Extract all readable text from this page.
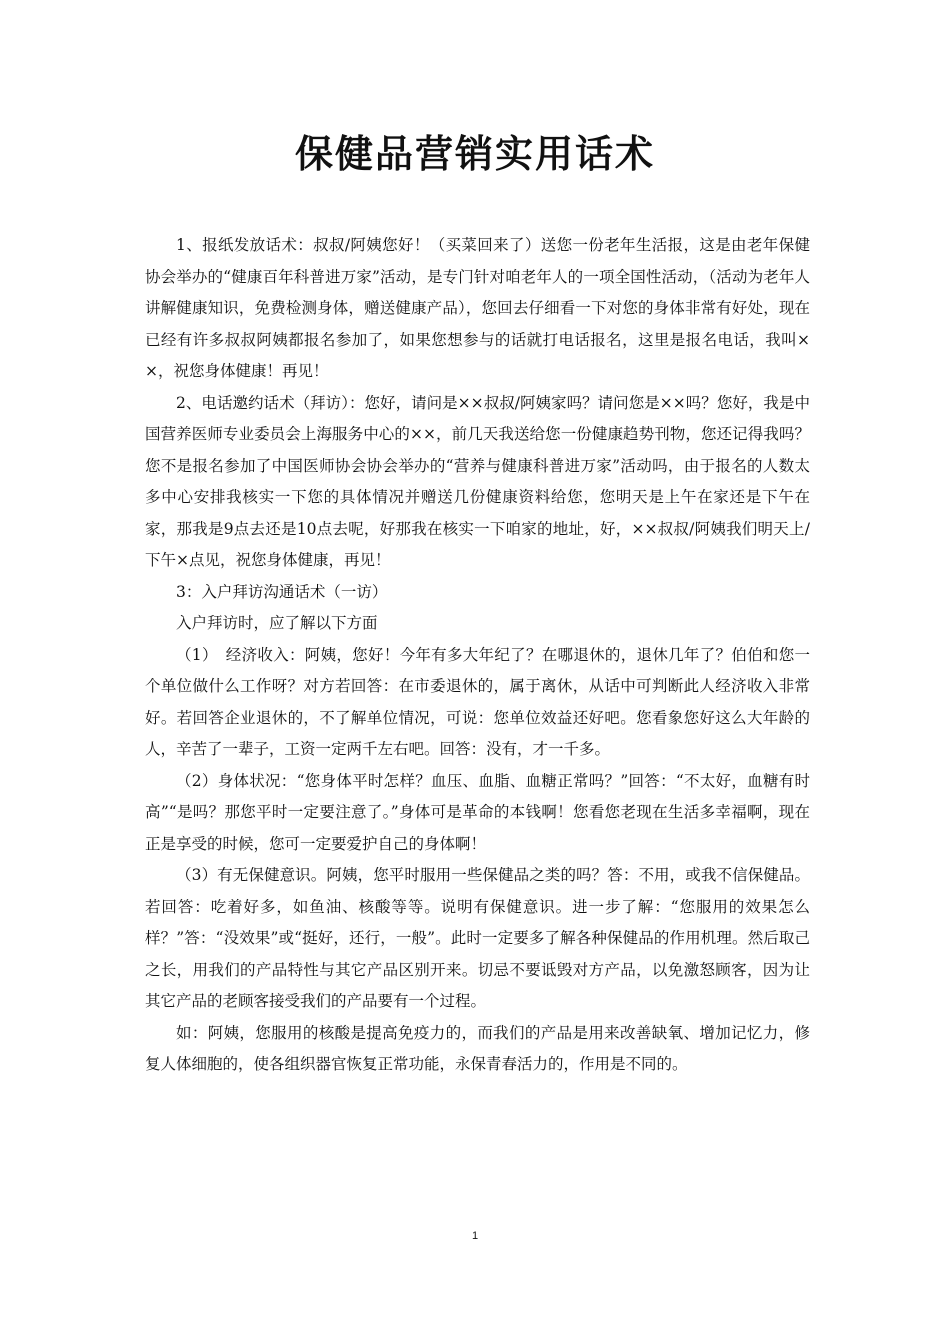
保健品营销实用话术

1、报纸发放话术：叔叔/阿姨您好！（买菜回来了）送您一份老年生活报，这是由老年保健协会举办的“健康百年科普进万家”活动，是专门针对咱老年人的一项全国性活动，（活动为老年人讲解健康知识，免费检测身体，赠送健康产品），您回去仔细看一下对您的身体非常有好处，现在已经有许多叔叔阿姨都报名参加了，如果您想参与的话就打电话报名，这里是报名电话，我叫××，祝您身体健康！再见！

2、电话邀约话术（拜访）：您好，请问是××叔叔/阿姨家吗？请问您是××吗？您好，我是中国营养医师专业委员会上海服务中心的××，前几天我送给您一份健康趋势刊物，您还记得我吗？您不是报名参加了中国医师协会协会举办的“营养与健康科普进万家”活动吗，由于报名的人数太多中心安排我核实一下您的具体情况并赠送几份健康资料给您，您明天是上午在家还是下午在家，那我是9点去还是10点去呢，好那我在核实一下咱家的地址，好，××叔叔/阿姨我们明天上/下午×点见，祝您身体健康，再见！

3：入户拜访沟通话术（一访）

入户拜访时，应了解以下方面

（1）　经济收入：阿姨，您好！今年有多大年纪了？在哪退休的，退休几年了？伯伯和您一个单位做什么工作呀？对方若回答：在市委退休的，属于离休，从话中可判断此人经济收入非常好。若回答企业退休的，不了解单位情况，可说：您单位效益还好吧。您看象您好这么大年龄的人，辛苦了一辈子，工资一定两千左右吧。回答：没有，才一千多。

（2）身体状况：“您身体平时怎样？血压、血脂、血糖正常吗？”回答：“不太好，血糖有时高”“是吗？那您平时一定要注意了。”身体可是革命的本钱啊！您看您老现在生活多幸福啊，现在正是享受的时候，您可一定要爱护自己的身体啊！

（3）有无保健意识。阿姨，您平时服用一些保健品之类的吗？答：不用，或我不信保健品。若回答：吃着好多，如鱼油、核酸等等。说明有保健意识。进一步了解：“您服用的效果怎么样？”答：“没效果”或“挺好，还行，一般”。此时一定要多了解各种保健品的作用机理。然后取己之长，用我们的产品特性与其它产品区别开来。切忌不要诋毁对方产品，以免激怒顾客，因为让其它产品的老顾客接受我们的产品要有一个过程。

如：阿姨，您服用的核酸是提高免疫力的，而我们的产品是用来改善缺氧、增加记忆力，修复人体细胞的，使各组织器官恢复正常功能，永保青春活力的，作用是不同的。

1
